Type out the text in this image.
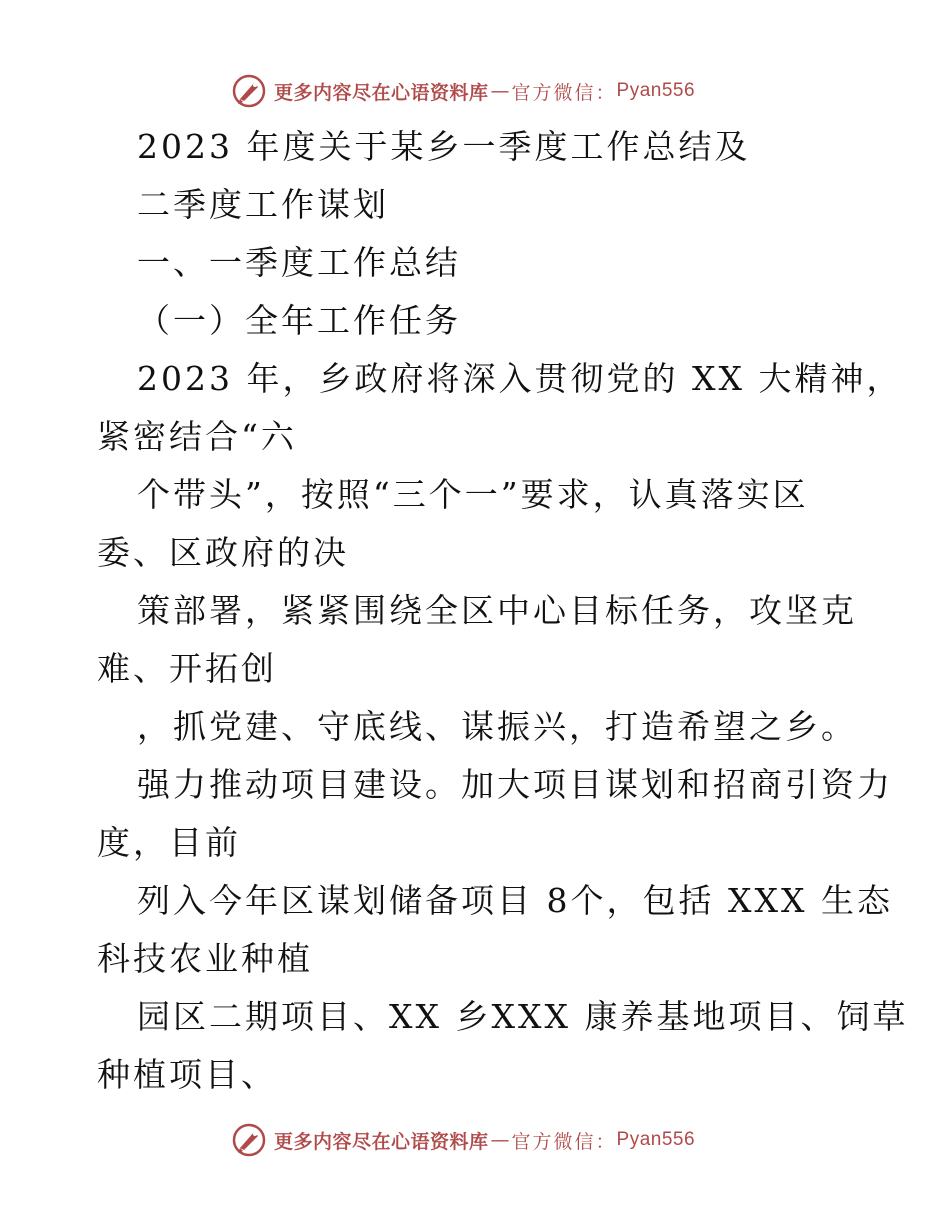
更多内容尽在心语资料库 — 官方微信： Pyan556
2023 年度关于某乡一季度工作总结及
二季度工作谋划
一、一季度工作总结
（一）全年工作任务
2023 年，乡政府将深入贯彻党的 XX 大精神，
紧密结合“六
个带头”，按照“三个一”要求，认真落实区
委、区政府的决
策部署，紧紧围绕全区中心目标任务，攻坚克
难、开拓创
，抓党建、守底线、谋振兴，打造希望之乡。
强力推动项目建设。加大项目谋划和招商引资力
度，目前
列入今年区谋划储备项目 8个，包括 XXX 生态
科技农业种植
园区二期项目、XX 乡XXX 康养基地项目、饲草
种植项目、
更多内容尽在心语资料库 — 官方微信： Pyan556
